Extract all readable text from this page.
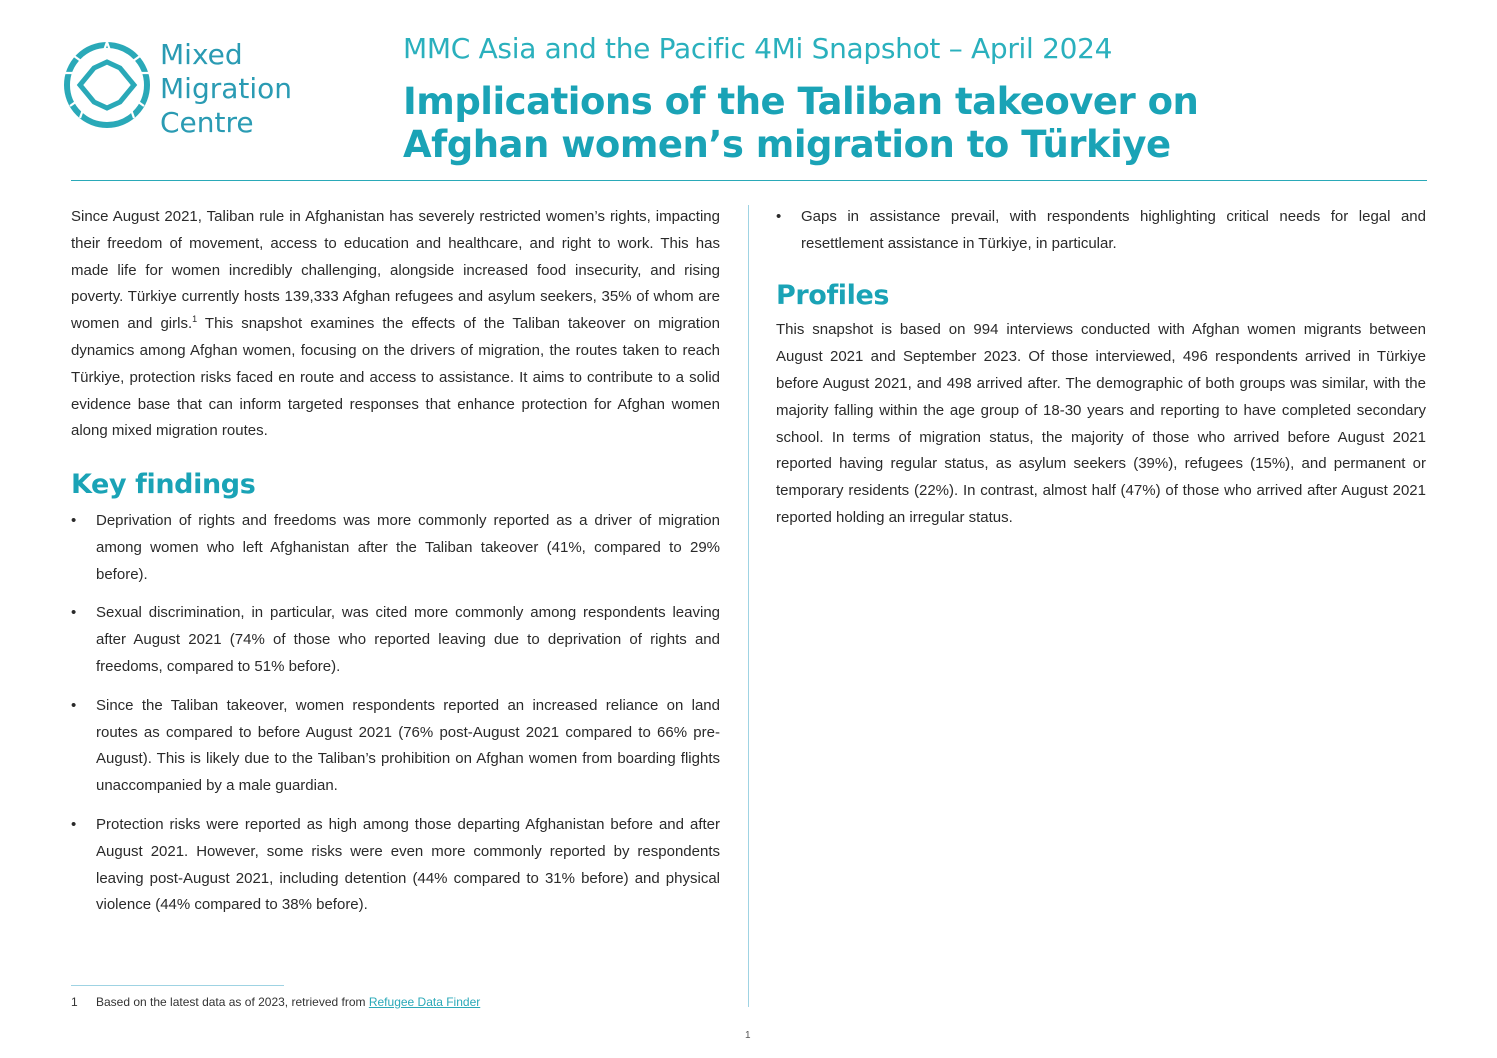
Mixed
Migration
Centre
MMC Asia and the Pacific 4Mi Snapshot – April 2024
Implications of the Taliban takeover on Afghan women’s migration to Türkiye

Since August 2021, Taliban rule in Afghanistan has severely restricted women’s rights, impacting their freedom of movement, access to education and healthcare, and right to work. This has made life for women incredibly challenging, alongside increased food insecurity, and rising poverty. Türkiye currently hosts 139,333 Afghan refugees and asylum seekers, 35% of whom are women and girls.$^1$ This snapshot examines the effects of the Taliban takeover on migration dynamics among Afghan women, focusing on the drivers of migration, the routes taken to reach Türkiye, protection risks faced en route and access to assistance. It aims to contribute to a solid evidence base that can inform targeted responses that enhance protection for Afghan women along mixed migration routes.

Key findings
• Deprivation of rights and freedoms was more commonly reported as a driver of migration among women who left Afghanistan after the Taliban takeover (41%, compared to 29% before).
• Sexual discrimination, in particular, was cited more commonly among respondents leaving after August 2021 (74% of those who reported leaving due to deprivation of rights and freedoms, compared to 51% before).
• Since the Taliban takeover, women respondents reported an increased reliance on land routes as compared to before August 2021 (76% post-August 2021 compared to 66% pre-August). This is likely due to the Taliban’s prohibition on Afghan women from boarding flights unaccompanied by a male guardian.
• Protection risks were reported as high among those departing Afghanistan before and after August 2021. However, some risks were even more commonly reported by respondents leaving post-August 2021, including detention (44% compared to 31% before) and physical violence (44% compared to 38% before).
• Gaps in assistance prevail, with respondents highlighting critical needs for legal and resettlement assistance in Türkiye, in particular.
Profiles

This snapshot is based on 994 interviews conducted with Afghan women migrants between August 2021 and September 2023. Of those interviewed, 496 respondents arrived in Türkiye before August 2021, and 498 arrived after. The demographic of both groups was similar, with the majority falling within the age group of 18-30 years and reporting to have completed secondary school. In terms of migration status, the majority of those who arrived before August 2021 reported having regular status, as asylum seekers (39%), refugees (15%), and permanent or temporary residents (22%). In contrast, almost half (47%) of those who arrived after August 2021 reported holding an irregular status.

1 Based on the latest data as of 2023, retrieved from Refugee Data Finder
1
